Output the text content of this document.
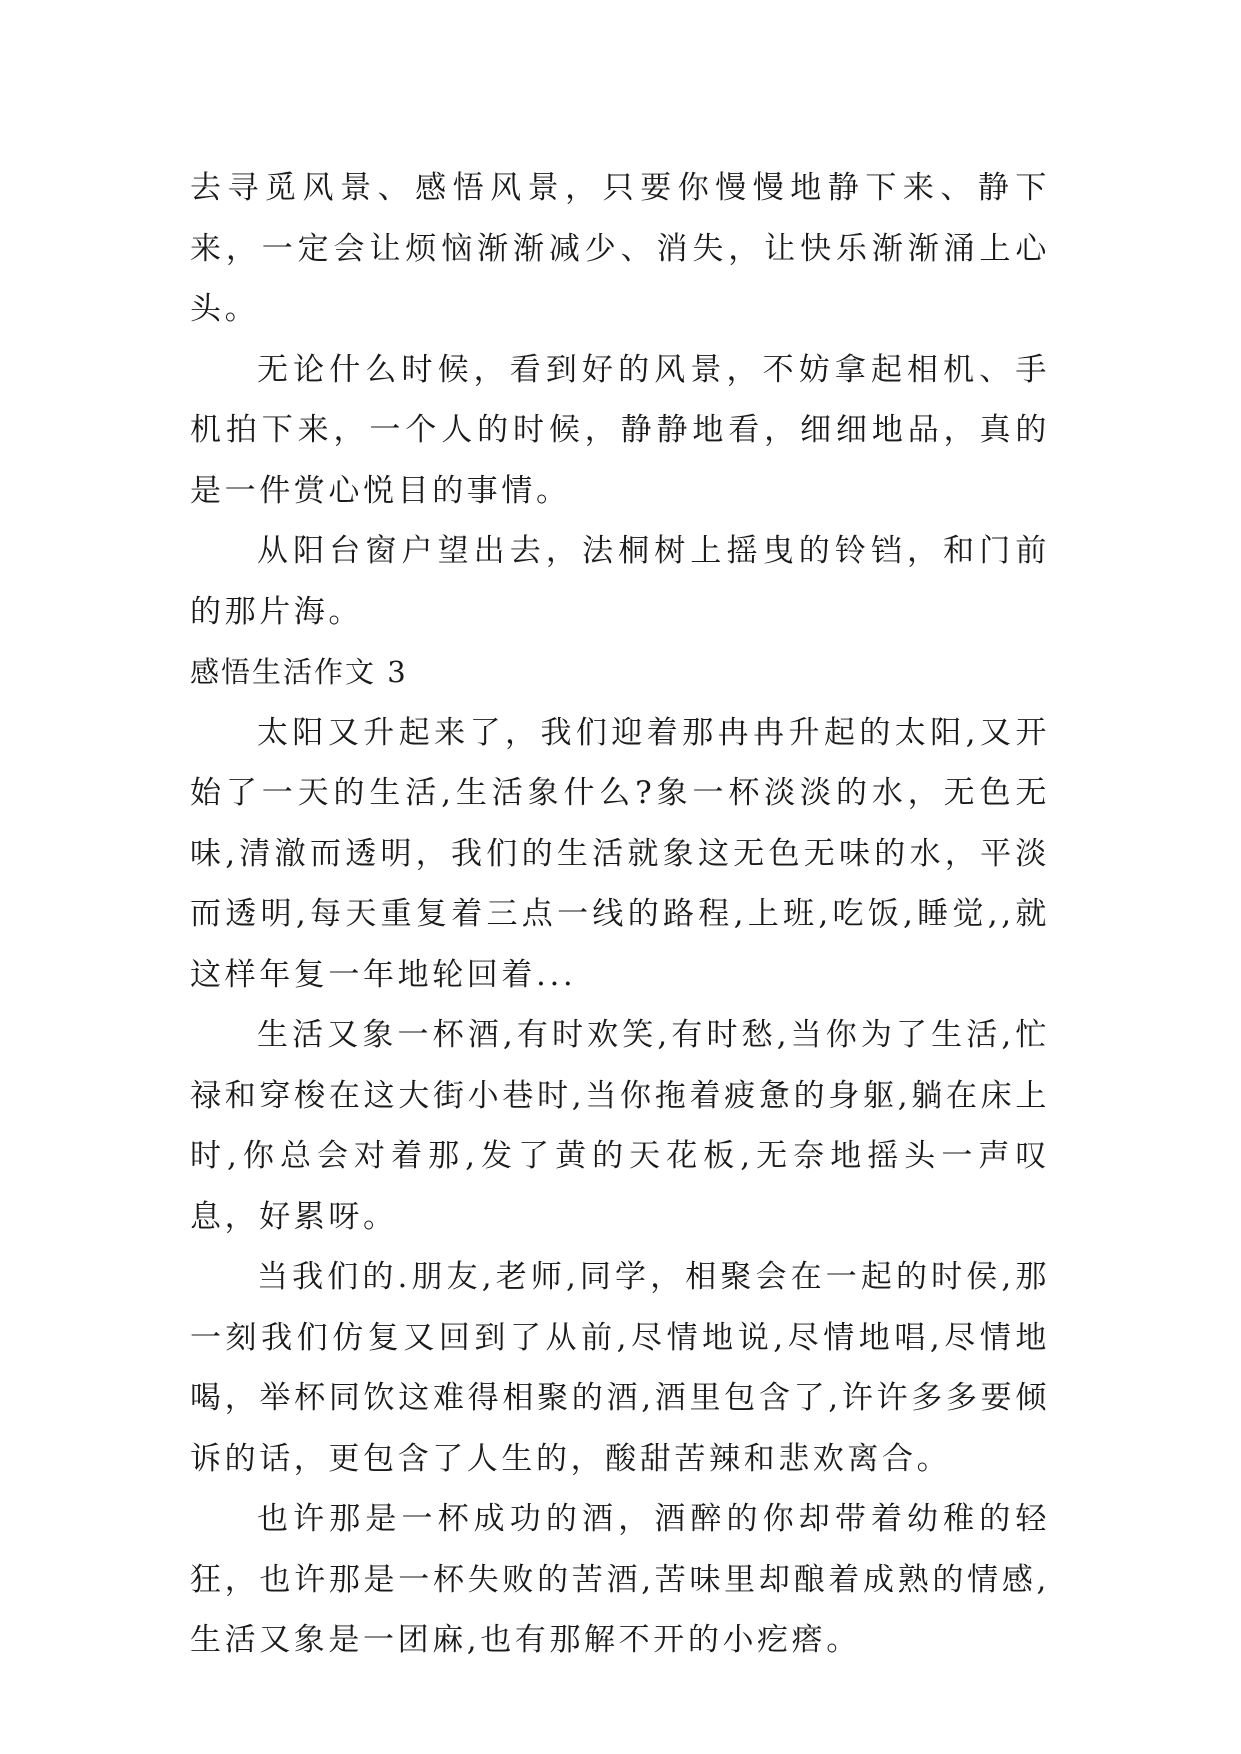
去寻觅风景、感悟风景，只要你慢慢地静下来、静下来，一定会让烦恼渐渐减少、消失，让快乐渐渐涌上心头。

无论什么时候，看到好的风景，不妨拿起相机、手机拍下来，一个人的时候，静静地看，细细地品，真的是一件赏心悦目的事情。

从阳台窗户望出去，法桐树上摇曳的铃铛，和门前的那片海。

感悟生活作文 3

太阳又升起来了，我们迎着那冉冉升起的太阳,又开始了一天的生活,生活象什么?象一杯淡淡的水，无色无味,清澈而透明，我们的生活就象这无色无味的水，平淡而透明,每天重复着三点一线的路程,上班,吃饭,睡觉,,就这样年复一年地轮回着...

生活又象一杯酒,有时欢笑,有时愁,当你为了生活,忙禄和穿梭在这大街小巷时,当你拖着疲惫的身躯,躺在床上时,你总会对着那,发了黄的天花板,无奈地摇头一声叹息，好累呀。

当我们的.朋友,老师,同学，相聚会在一起的时侯,那一刻我们仿复又回到了从前,尽情地说,尽情地唱,尽情地喝，举杯同饮这难得相聚的酒,酒里包含了,许许多多要倾诉的话，更包含了人生的，酸甜苦辣和悲欢离合。

也许那是一杯成功的酒，酒醉的你却带着幼稚的轻狂，也许那是一杯失败的苦酒,苦味里却酿着成熟的情感,生活又象是一团麻,也有那解不开的小疙瘩。
